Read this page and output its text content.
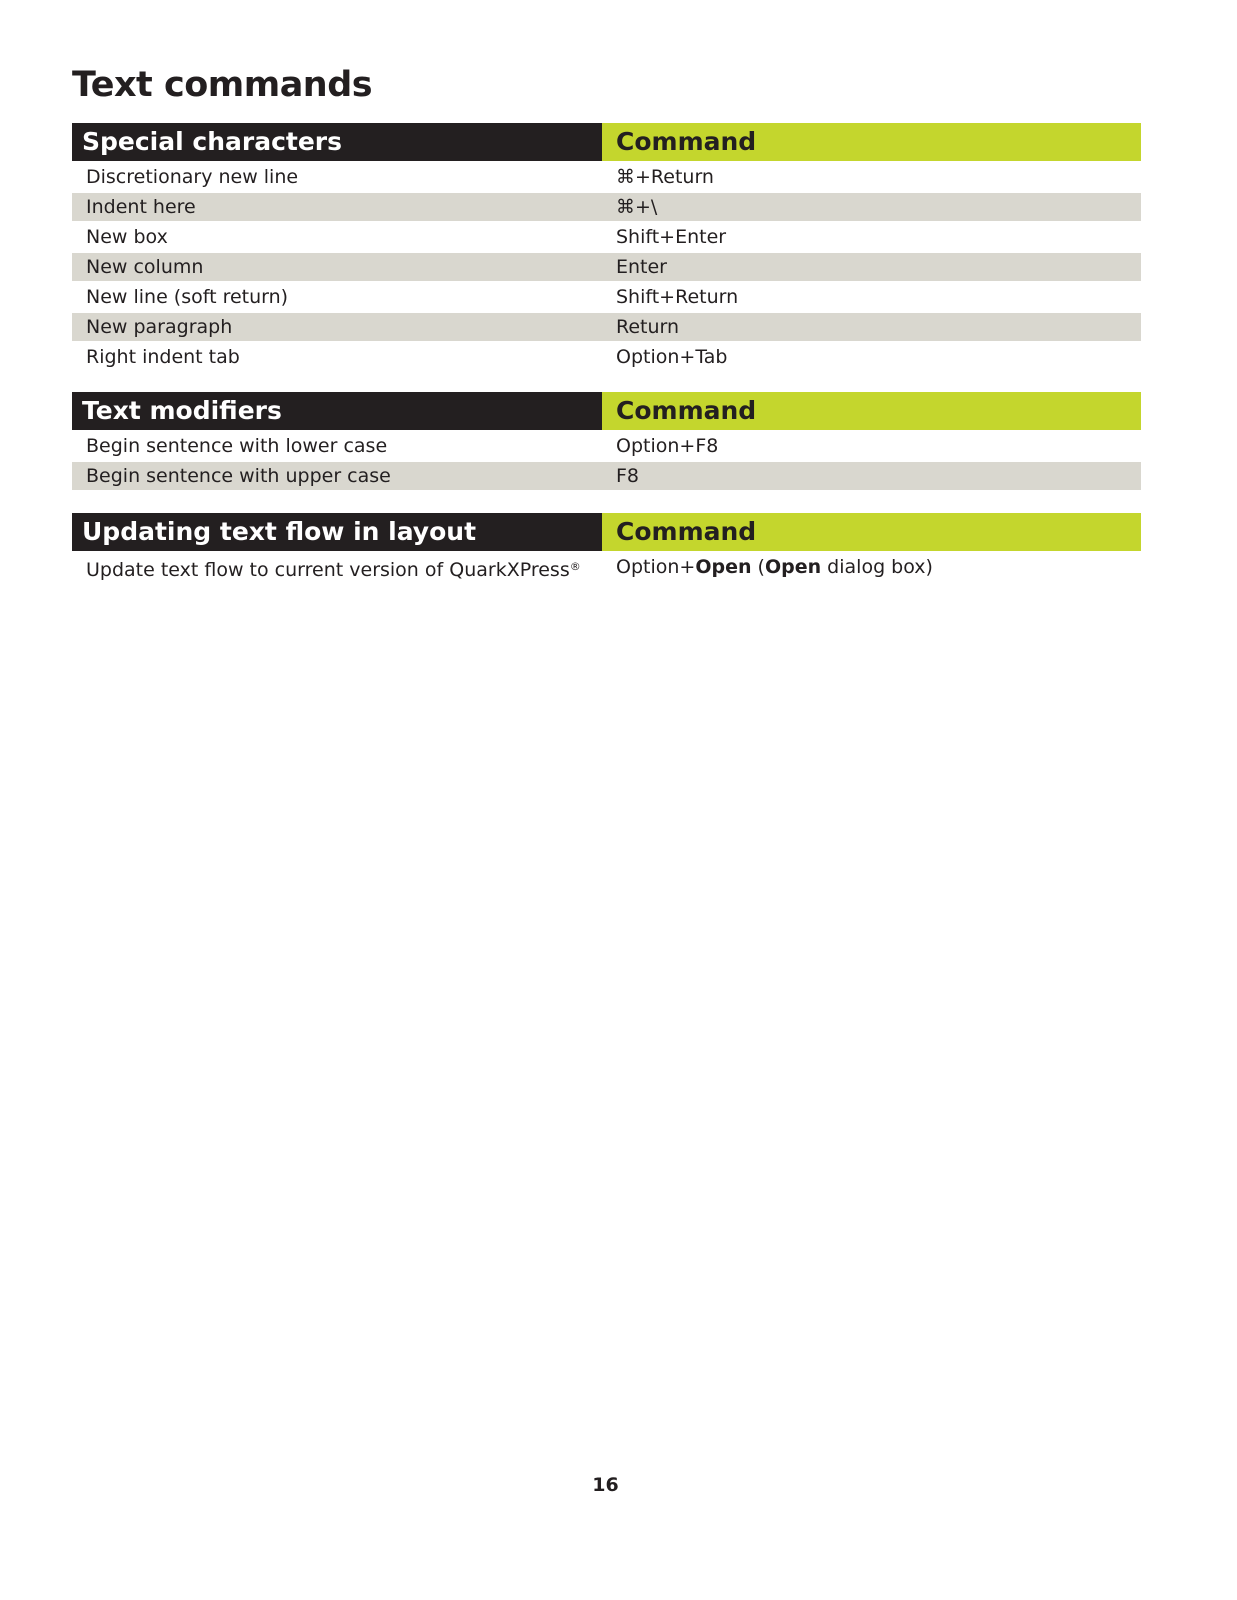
Text commands
Special characters	Command
Discretionary new line	⌘+Return
Indent here	⌘+\
New box	Shift+Enter
New column	Enter
New line (soft return)	Shift+Return
New paragraph	Return
Right indent tab	Option+Tab
Text modifiers	Command
Begin sentence with lower case	Option+F8
Begin sentence with upper case	F8
Updating text flow in layout	Command
Update text flow to current version of QuarkXPress®	Option+Open (Open dialog box)
16
